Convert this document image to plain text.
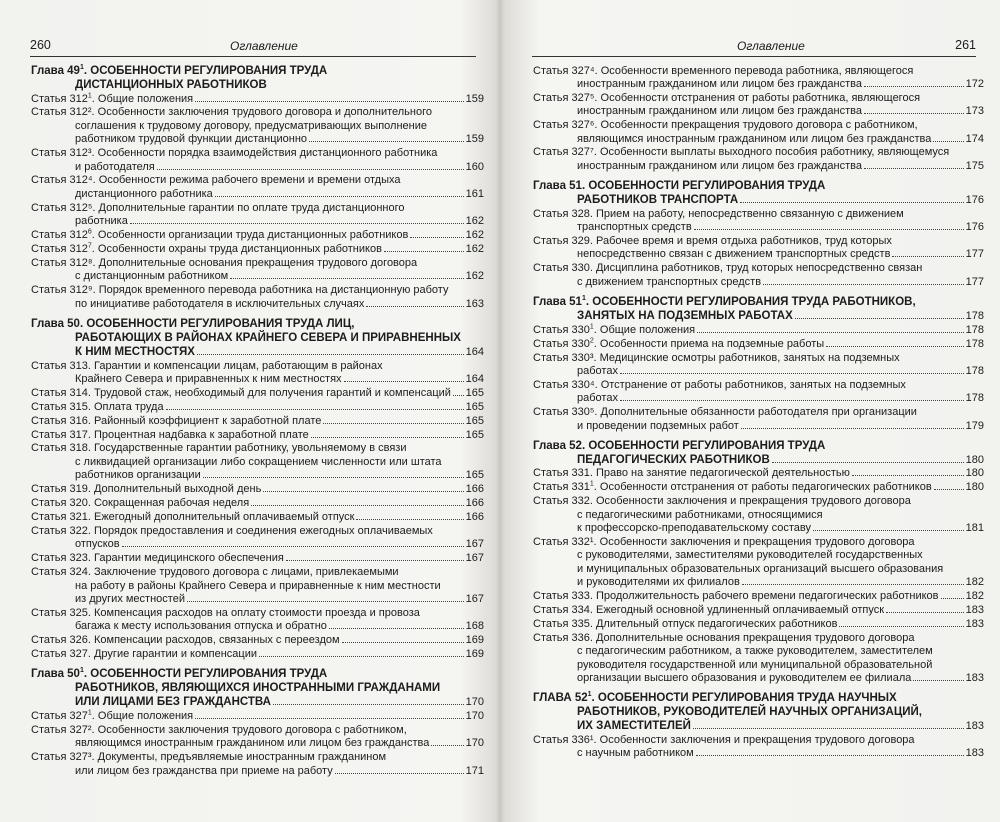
260	Оглавление
Глава $49^1$. ОСОБЕННОСТИ РЕГУЛИРОВАНИЯ ТРУДА
ДИСТАНЦИОННЫХ РАБОТНИКОВ
Статья $312^1$. Общие положения	159
Статья 312². Особенности заключения трудового договора и дополнительного
соглашения к трудовому договору, предусматривающих выполнение
работником трудовой функции дистанционно	159
Статья 312³. Особенности порядка взаимодействия дистанционного работника
и работодателя	160
Статья 312⁴. Особенности режима рабочего времени и времени отдыха
дистанционного работника	161
Статья 312⁵. Дополнительные гарантии по оплате труда дистанционного
работника	162
Статья $312^6$. Особенности организации труда дистанционных работников	162
Статья $312^7$. Особенности охраны труда дистанционных работников	162
Статья 312⁸. Дополнительные основания прекращения трудового договора
с дистанционным работником	162
Статья 312⁹. Порядок временного перевода работника на дистанционную работу
по инициативе работодателя в исключительных случаях	163
Глава 50. ОСОБЕННОСТИ РЕГУЛИРОВАНИЯ ТРУДА ЛИЦ,
РАБОТАЮЩИХ В РАЙОНАХ КРАЙНЕГО СЕВЕРА И ПРИРАВНЕННЫХ
К НИМ МЕСТНОСТЯХ	164
Статья 313. Гарантии и компенсации лицам, работающим в районах
Крайнего Севера и приравненных к ним местностях	164
Статья 314. Трудовой стаж, необходимый для получения гарантий и компенсаций 165
Статья 315. Оплата труда	165
Статья 316. Районный коэффициент к заработной плате	165
Статья 317. Процентная надбавка к заработной плате	165
Статья 318. Государственные гарантии работнику, увольняемому в связи
с ликвидацией организации либо сокращением численности или штата
работников организации	165
Статья 319. Дополнительный выходной день	166
Статья 320. Сокращенная рабочая неделя	166
Статья 321. Ежегодный дополнительный оплачиваемый отпуск	166
Статья 322. Порядок предоставления и соединения ежегодных оплачиваемых
отпусков	167
Статья 323. Гарантии медицинского обеспечения	167
Статья 324. Заключение трудового договора с лицами, привлекаемыми
на работу в районы Крайнего Севера и приравненные к ним местности
из других местностей	167
Статья 325. Компенсация расходов на оплату стоимости проезда и провоза
багажа к месту использования отпуска и обратно	168
Статья 326. Компенсации расходов, связанных с переездом	169
Статья 327. Другие гарантии и компенсации	169
Глава $50^1$. ОСОБЕННОСТИ РЕГУЛИРОВАНИЯ ТРУДА
РАБОТНИКОВ, ЯВЛЯЮЩИХСЯ ИНОСТРАННЫМИ ГРАЖДАНАМИ
ИЛИ ЛИЦАМИ БЕЗ ГРАЖДАНСТВА	170
Статья $327^1$. Общие положения	170
Статья 327². Особенности заключения трудового договора с работником,
являющимся иностранным гражданином или лицом без гражданства	170
Статья 327³. Документы, предъявляемые иностранным гражданином
или лицом без гражданства при приеме на работу	171
Оглавление	261
Статья 327⁴. Особенности временного перевода работника, являющегося
иностранным гражданином или лицом без гражданства	172
Статья 327⁵. Особенности отстранения от работы работника, являющегося
иностранным гражданином или лицом без гражданства	173
Статья 327⁶. Особенности прекращения трудового договора с работником,
являющимся иностранным гражданином или лицом без гражданства	174
Статья 327⁷. Особенности выплаты выходного пособия работнику, являющемуся
иностранным гражданином или лицом без гражданства	175
Глава 51. ОСОБЕННОСТИ РЕГУЛИРОВАНИЯ ТРУДА
РАБОТНИКОВ ТРАНСПОРТА	176
Статья 328. Прием на работу, непосредственно связанную с движением
транспортных средств	176
Статья 329. Рабочее время и время отдыха работников, труд которых
непосредственно связан с движением транспортных средств	177
Статья 330. Дисциплина работников, труд которых непосредственно связан
с движением транспортных средств	177
Глава $51^1$. ОСОБЕННОСТИ РЕГУЛИРОВАНИЯ ТРУДА РАБОТНИКОВ,
ЗАНЯТЫХ НА ПОДЗЕМНЫХ РАБОТАХ	178
Статья $330^1$. Общие положения	178
Статья $330^2$. Особенности приема на подземные работы	178
Статья 330³. Медицинские осмотры работников, занятых на подземных
работах	178
Статья 330⁴. Отстранение от работы работников, занятых на подземных
работах	178
Статья 330⁵. Дополнительные обязанности работодателя при организации
и проведении подземных работ	179
Глава 52. ОСОБЕННОСТИ РЕГУЛИРОВАНИЯ ТРУДА
ПЕДАГОГИЧЕСКИХ РАБОТНИКОВ	180
Статья 331. Право на занятие педагогической деятельностью	180
Статья $331^1$. Особенности отстранения от работы педагогических работников	180
Статья 332. Особенности заключения и прекращения трудового договора
с педагогическими работниками, относящимися
к профессорско-преподавательскому составу	181
Статья 332¹. Особенности заключения и прекращения трудового договора
с руководителями, заместителями руководителей государственных
и муниципальных образовательных организаций высшего образования
и руководителями их филиалов	182
Статья 333. Продолжительность рабочего времени педагогических работников 182
Статья 334. Ежегодный основной удлиненный оплачиваемый отпуск	183
Статья 335. Длительный отпуск педагогических работников	183
Статья 336. Дополнительные основания прекращения трудового договора
с педагогическим работником, а также руководителем, заместителем
руководителя государственной или муниципальной образовательной
организации высшего образования и руководителем ее филиала	183
ГЛАВА $52^1$. ОСОБЕННОСТИ РЕГУЛИРОВАНИЯ ТРУДА НАУЧНЫХ
РАБОТНИКОВ, РУКОВОДИТЕЛЕЙ НАУЧНЫХ ОРГАНИЗАЦИЙ,
ИХ ЗАМЕСТИТЕЛЕЙ	183
Статья 336¹. Особенности заключения и прекращения трудового договора
с научным работником	183
